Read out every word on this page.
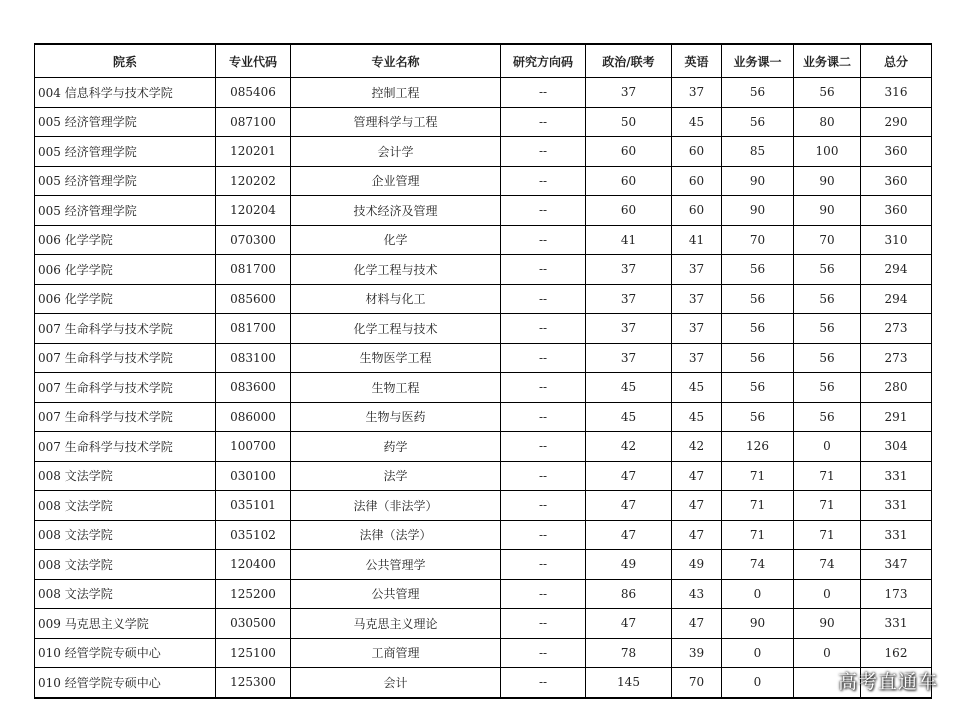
院系	专业代码	专业名称	研究方向码	政治/联考	英语	业务课一	业务课二	总分
004 信息科学与技术学院	085406	控制工程	--	37	37	56	56	316
005 经济管理学院	087100	管理科学与工程	--	50	45	56	80	290
005 经济管理学院	120201	会计学	--	60	60	85	100	360
005 经济管理学院	120202	企业管理	--	60	60	90	90	360
005 经济管理学院	120204	技术经济及管理	--	60	60	90	90	360
006 化学学院	070300	化学	--	41	41	70	70	310
006 化学学院	081700	化学工程与技术	--	37	37	56	56	294
006 化学学院	085600	材料与化工	--	37	37	56	56	294
007 生命科学与技术学院	081700	化学工程与技术	--	37	37	56	56	273
007 生命科学与技术学院	083100	生物医学工程	--	37	37	56	56	273
007 生命科学与技术学院	083600	生物工程	--	45	45	56	56	280
007 生命科学与技术学院	086000	生物与医药	--	45	45	56	56	291
007 生命科学与技术学院	100700	药学	--	42	42	126	0	304
008 文法学院	030100	法学	--	47	47	71	71	331
008 文法学院	035101	法律（非法学）	--	47	47	71	71	331
008 文法学院	035102	法律（法学）	--	47	47	71	71	331
008 文法学院	120400	公共管理学	--	49	49	74	74	347
008 文法学院	125200	公共管理	--	86	43	0	0	173
009 马克思主义学院	030500	马克思主义理论	--	47	47	90	90	331
010 经管学院专硕中心	125100	工商管理	--	78	39	0	0	162
010 经管学院专硕中心	125300	会计	--	145	70	0			高考直通车
